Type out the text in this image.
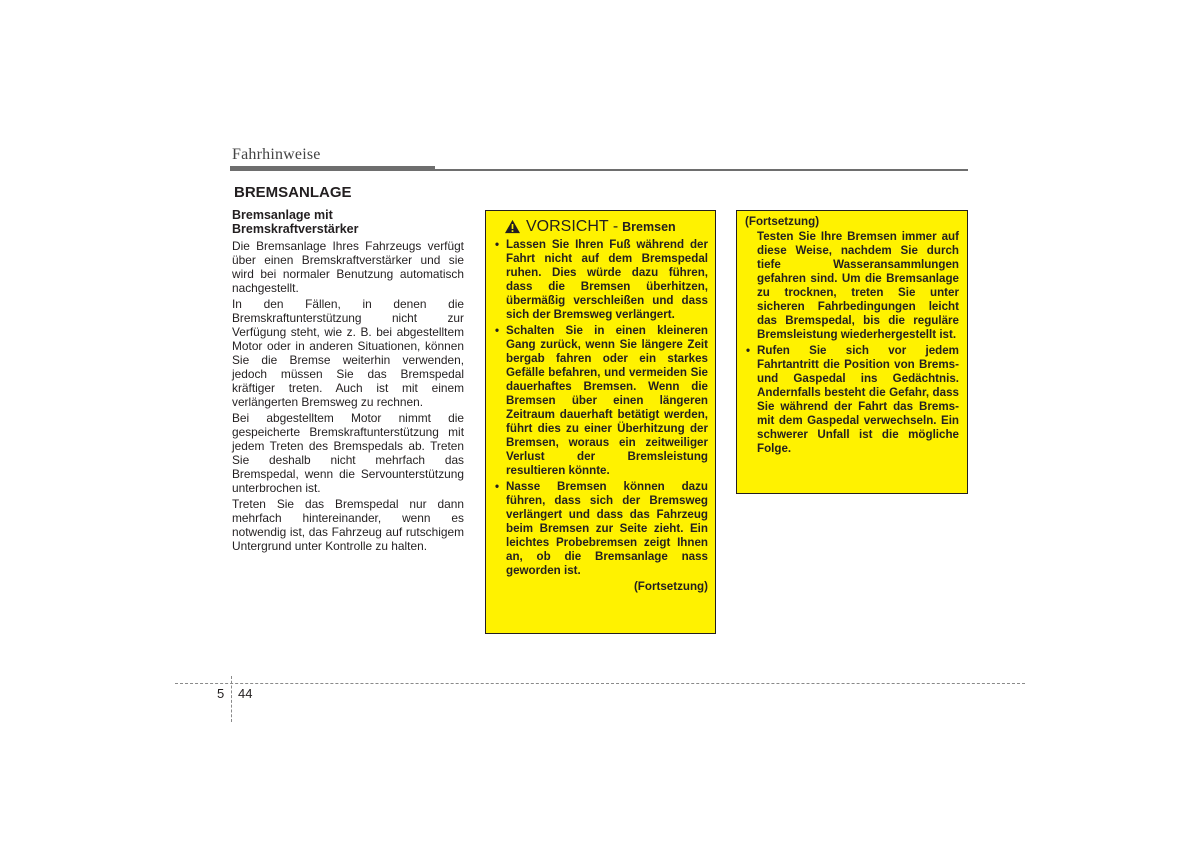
Fahrhinweise
BREMSANLAGE
Bremsanlage mit
Bremskraftverstärker

Die Bremsanlage Ihres Fahrzeugs verfügt über einen Bremskraftverstärker und sie wird bei normaler Benutzung automatisch nachgestellt.

In den Fällen, in denen die Bremskraftunterstützung nicht zur Verfügung steht, wie z. B. bei abgestelltem Motor oder in anderen Situationen, können Sie die Bremse weiterhin verwenden, jedoch müssen Sie das Bremspedal kräftiger treten. Auch ist mit einem verlängerten Bremsweg zu rechnen.

Bei abgestelltem Motor nimmt die gespeicherte Bremskraftunterstützung mit jedem Treten des Bremspedals ab. Treten Sie deshalb nicht mehrfach das Bremspedal, wenn die Servounterstützung unterbrochen ist.

Treten Sie das Bremspedal nur dann mehrfach hintereinander, wenn es notwendig ist, das Fahrzeug auf rutschigem Untergrund unter Kontrolle zu halten.

VORSICHT - Bremsen
• Lassen Sie Ihren Fuß während der Fahrt nicht auf dem Bremspedal ruhen. Dies würde dazu führen, dass die Bremsen überhitzen, übermäßig verschleißen und dass sich der Bremsweg verlängert.
• Schalten Sie in einen kleineren Gang zurück, wenn Sie längere Zeit bergab fahren oder ein starkes Gefälle befahren, und vermeiden Sie dauerhaftes Bremsen. Wenn die Bremsen über einen längeren Zeitraum dauerhaft betätigt werden, führt dies zu einer Überhitzung der Bremsen, woraus ein zeitweiliger Verlust der Bremsleistung resultieren könnte.
• Nasse Bremsen können dazu führen, dass sich der Bremsweg verlängert und dass das Fahrzeug beim Bremsen zur Seite zieht. Ein leichtes Probebremsen zeigt Ihnen an, ob die Bremsanlage nass geworden ist.
(Fortsetzung)
(Fortsetzung)
Testen Sie Ihre Bremsen immer auf diese Weise, nachdem Sie durch tiefe Wasseransammlungen gefahren sind. Um die Bremsanlage zu trocknen, treten Sie unter sicheren Fahrbedingungen leicht das Bremspedal, bis die reguläre Bremsleistung wiederhergestellt ist.
• Rufen Sie sich vor jedem Fahrtantritt die Position von Brems- und Gaspedal ins Gedächtnis. Andernfalls besteht die Gefahr, dass Sie während der Fahrt das Brems- mit dem Gaspedal verwechseln. Ein schwerer Unfall ist die mögliche Folge.
5 44
